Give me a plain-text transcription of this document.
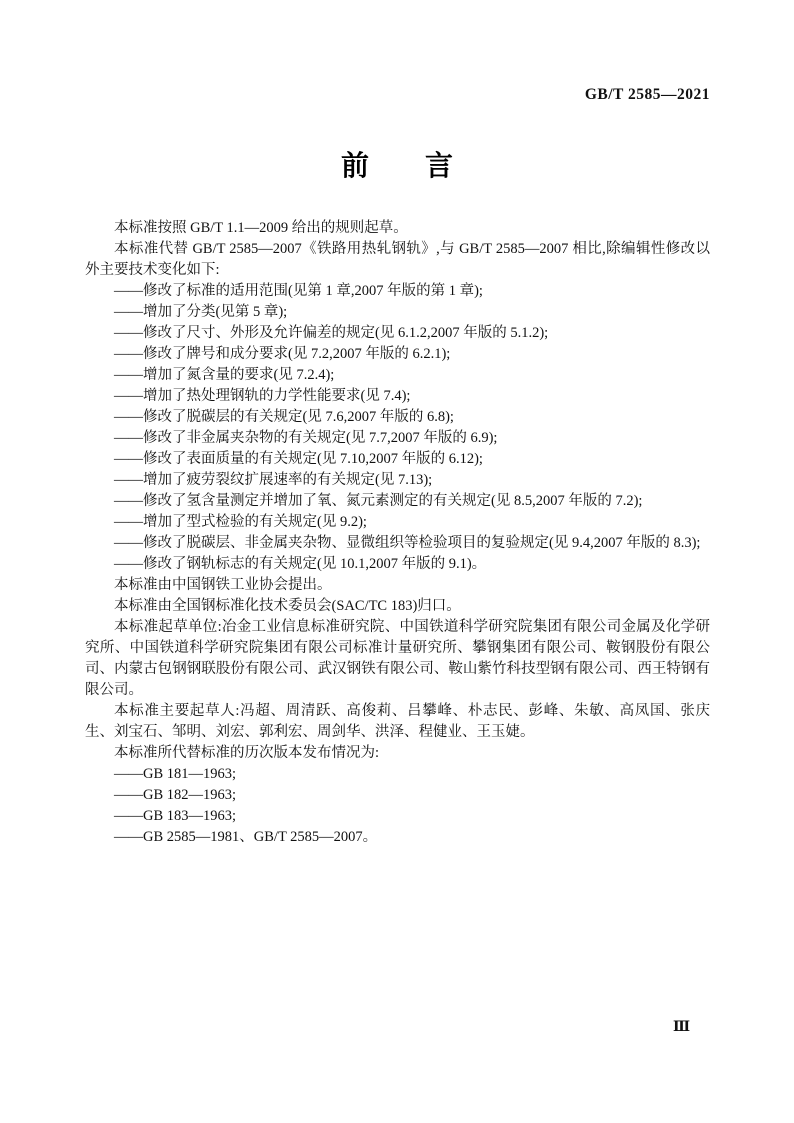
GB/T 2585—2021
前　　言

本标准按照 GB/T 1.1—2009 给出的规则起草。

本标准代替 GB/T 2585—2007《铁路用热轧钢轨》,与 GB/T 2585—2007 相比,除编辑性修改以外主要技术变化如下:

——修改了标准的适用范围(见第 1 章,2007 年版的第 1 章);

——增加了分类(见第 5 章);

——修改了尺寸、外形及允许偏差的规定(见 6.1.2,2007 年版的 5.1.2);

——修改了牌号和成分要求(见 7.2,2007 年版的 6.2.1);

——增加了氮含量的要求(见 7.2.4);

——增加了热处理钢轨的力学性能要求(见 7.4);

——修改了脱碳层的有关规定(见 7.6,2007 年版的 6.8);

——修改了非金属夹杂物的有关规定(见 7.7,2007 年版的 6.9);

——修改了表面质量的有关规定(见 7.10,2007 年版的 6.12);

——增加了疲劳裂纹扩展速率的有关规定(见 7.13);

——修改了氢含量测定并增加了氧、氮元素测定的有关规定(见 8.5,2007 年版的 7.2);

——增加了型式检验的有关规定(见 9.2);

——修改了脱碳层、非金属夹杂物、显微组织等检验项目的复验规定(见 9.4,2007 年版的 8.3);

——修改了钢轨标志的有关规定(见 10.1,2007 年版的 9.1)。

本标准由中国钢铁工业协会提出。

本标准由全国钢标准化技术委员会(SAC/TC 183)归口。

本标准起草单位:冶金工业信息标准研究院、中国铁道科学研究院集团有限公司金属及化学研究所、中国铁道科学研究院集团有限公司标准计量研究所、攀钢集团有限公司、鞍钢股份有限公司、内蒙古包钢钢联股份有限公司、武汉钢铁有限公司、鞍山紫竹科技型钢有限公司、西王特钢有限公司。

本标准主要起草人:冯超、周清跃、高俊莉、吕攀峰、朴志民、彭峰、朱敏、高凤国、张庆生、刘宝石、邹明、刘宏、郭利宏、周剑华、洪泽、程健业、王玉婕。

本标准所代替标准的历次版本发布情况为:

——GB 181—1963;

——GB 182—1963;

——GB 183—1963;

——GB 2585—1981、GB/T 2585—2007。

Ⅲ
